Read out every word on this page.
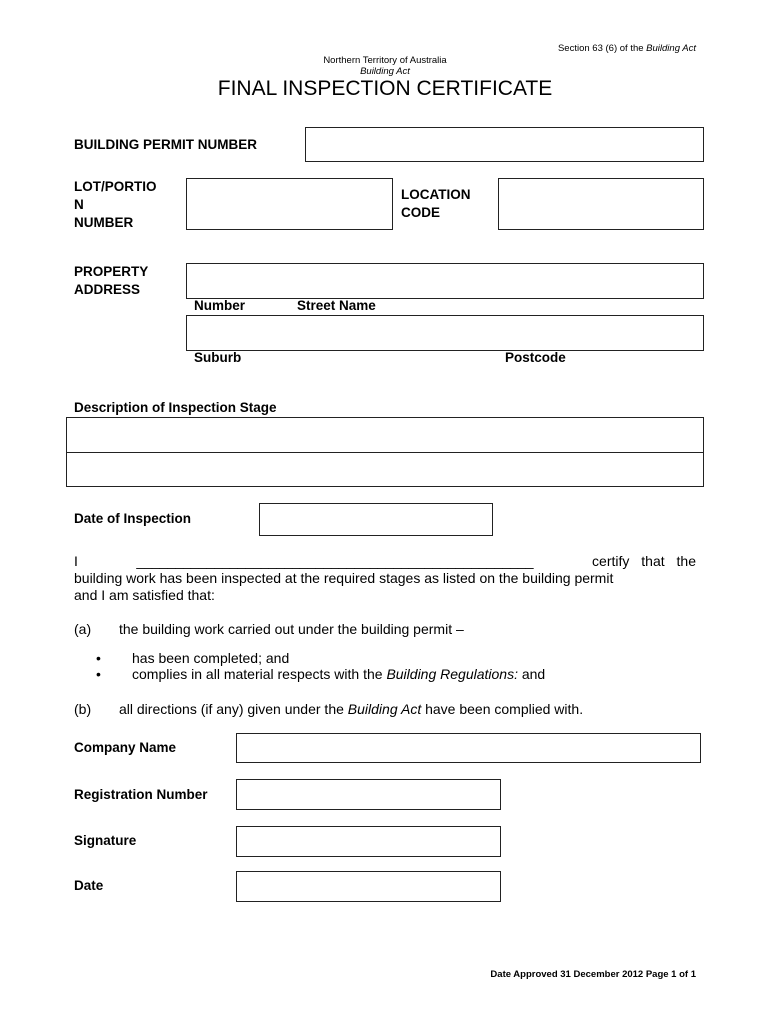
Section 63 (6) of the Building Act
Northern Territory of Australia
Building Act
FINAL INSPECTION CERTIFICATE
BUILDING PERMIT NUMBER
LOT/PORTIO
N
NUMBER
LOCATION
CODE
PROPERTY
ADDRESS
Number	Street Name
Suburb	Postcode
Description of Inspection Stage
Date of Inspection
I	___________________________________________________	certify that the
building work has been inspected at the required stages as listed on the building permit
and I am satisfied that:
(a) the building work carried out under the building permit –
• has been completed; and
• complies in all material respects with the Building Regulations: and
(b) all directions (if any) given under the Building Act have been complied with.
Company Name
Registration Number
Signature
Date
Date Approved 31 December 2012 Page 1 of 1
